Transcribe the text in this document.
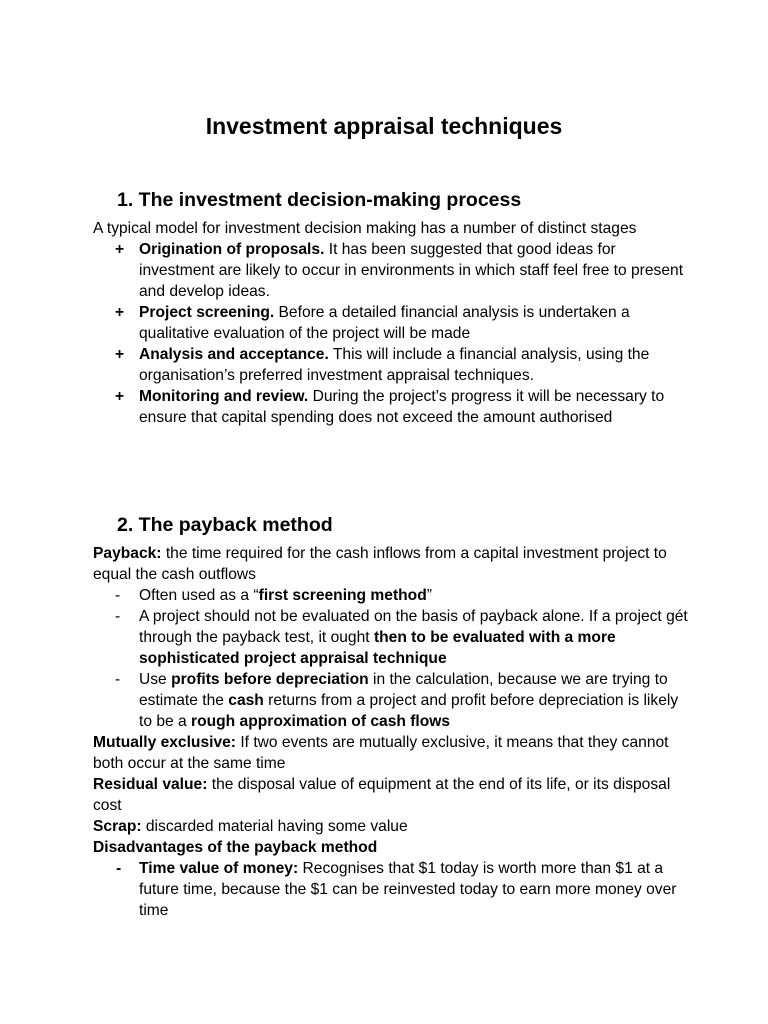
Investment appraisal techniques
1. The investment decision-making process

A typical model for investment decision making has a number of distinct stages

+ Origination of proposals. It has been suggested that good ideas for investment are likely to occur in environments in which staff feel free to present and develop ideas.
+ Project screening. Before a detailed financial analysis is undertaken a qualitative evaluation of the project will be made
+ Analysis and acceptance. This will include a financial analysis, using the organisation’s preferred investment appraisal techniques.
+ Monitoring and review. During the project’s progress it will be necessary to ensure that capital spending does not exceed the amount authorised
2. The payback method

Payback: the time required for the cash inflows from a capital investment project to equal the cash outflows

- Often used as a “first screening method”
- A project should not be evaluated on the basis of payback alone. If a project gét through the payback test, it ought then to be evaluated with a more sophisticated project appraisal technique
- Use profits before depreciation in the calculation, because we are trying to estimate the cash returns from a project and profit before depreciation is likely to be a rough approximation of cash flows

Mutually exclusive: If two events are mutually exclusive, it means that they cannot both occur at the same time

Residual value: the disposal value of equipment at the end of its life, or its disposal cost

Scrap: discarded material having some value

Disadvantages of the payback method

- Time value of money: Recognises that $1 today is worth more than $1 at a future time, because the $1 can be reinvested today to earn more money over time
